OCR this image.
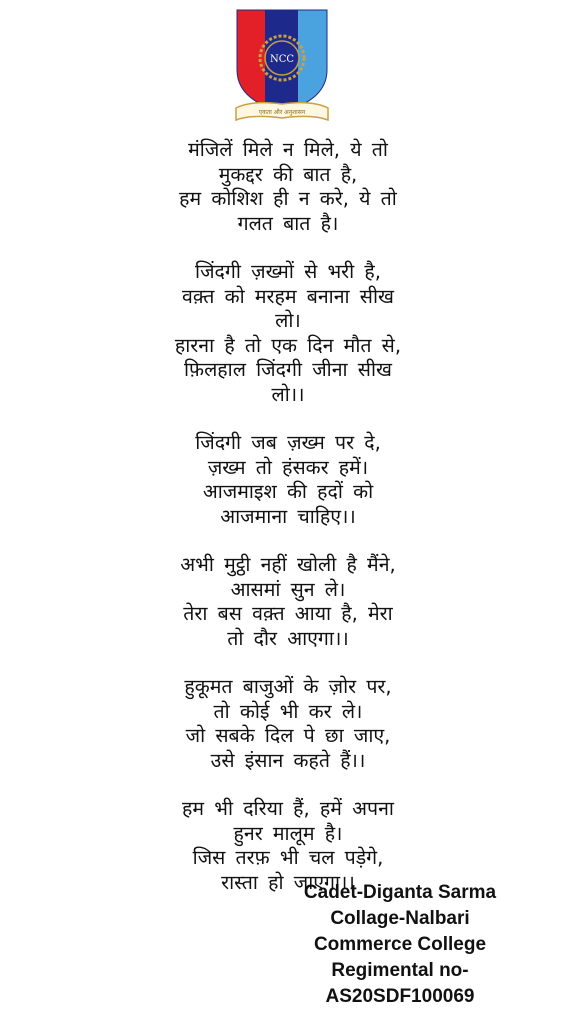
NCC
एकता और अनुशासन
मंजिलें मिले न मिले, ये तो
मुकद्दर की बात है,
हम कोशिश ही न करे, ये तो
गलत बात है।
जिंदगी ज़ख्मों से भरी है,
वक़्त को मरहम बनाना सीख
लो।
हारना है तो एक दिन मौत से,
फ़िलहाल जिंदगी जीना सीख
लो।।
जिंदगी जब ज़ख्म पर दे,
ज़ख्म तो हंसकर हमें।
आजमाइश की हदों को
आजमाना चाहिए।।
अभी मुट्ठी नहीं खोली है मैंने,
आसमां सुन ले।
तेरा बस वक़्त आया है, मेरा
तो दौर आएगा।।
हुकूमत बाजुओं के ज़ोर पर,
तो कोई भी कर ले।
जो सबके दिल पे छा जाए,
उसे इंसान कहते हैं।।
हम भी दरिया हैं, हमें अपना
हुनर मालूम है।
जिस तरफ़ भी चल पड़ेगे,
रास्ता हो जाएगा।।
Cadet-Diganta Sarma
Collage-Nalbari
Commerce College
Regimental no-
AS20SDF100069
